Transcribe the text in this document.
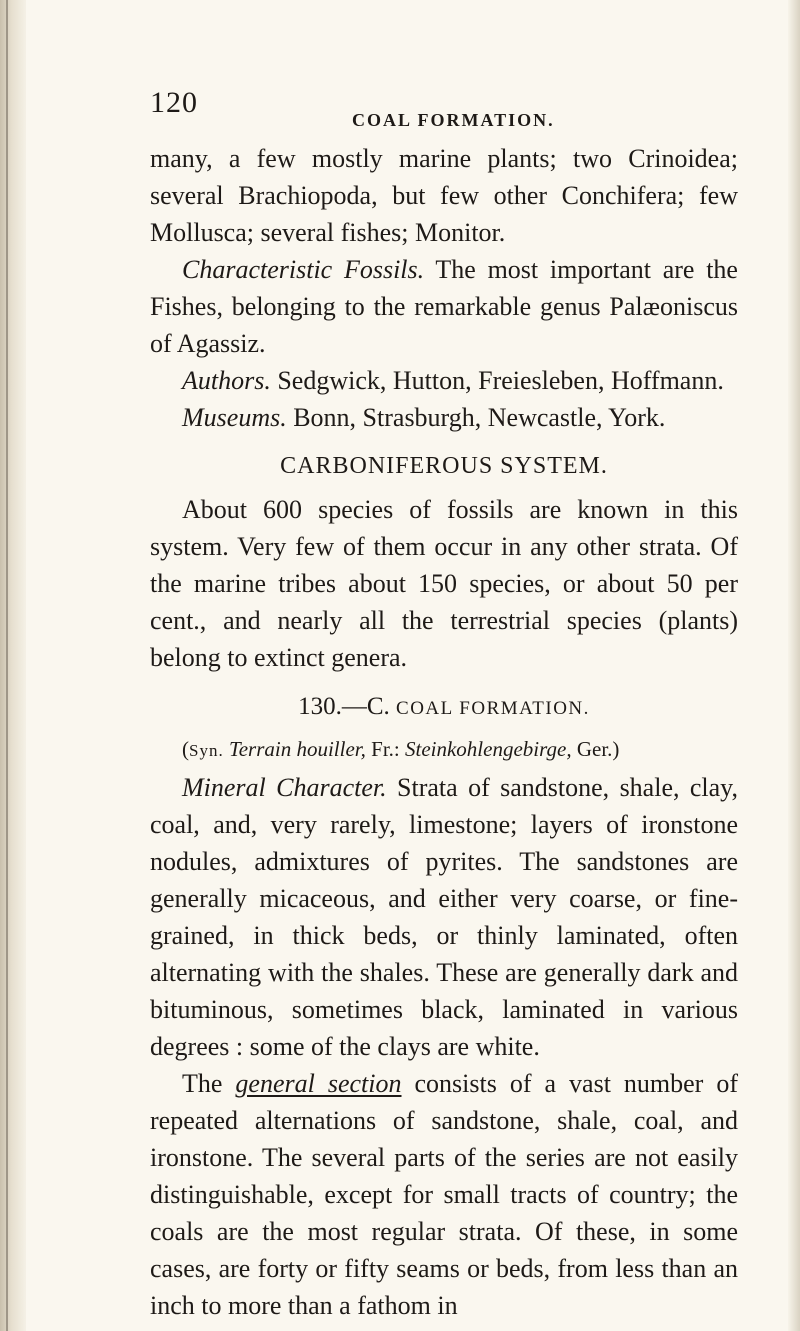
120
COAL FORMATION.

many, a few mostly marine plants; two Crinoidea; several Brachiopoda, but few other Conchifera; few Mollusca; several fishes; Monitor.

Characteristic Fossils. The most important are the Fishes, belonging to the remarkable genus Palæoniscus of Agassiz.

Authors. Sedgwick, Hutton, Freiesleben, Hoffmann.

Museums. Bonn, Strasburgh, Newcastle, York.

CARBONIFEROUS SYSTEM.

About 600 species of fossils are known in this system. Very few of them occur in any other strata. Of the marine tribes about 150 species, or about 50 per cent., and nearly all the terrestrial species (plants) belong to extinct genera.

130.—C. COAL FORMATION.

(Syn. Terrain houiller, Fr.: Steinkohlengebirge, Ger.)

Mineral Character. Strata of sandstone, shale, clay, coal, and, very rarely, limestone; layers of ironstone nodules, admixtures of pyrites. The sandstones are generally micaceous, and either very coarse, or fine-grained, in thick beds, or thinly laminated, often alternating with the shales. These are generally dark and bituminous, sometimes black, laminated in various degrees : some of the clays are white.

The general section consists of a vast number of repeated alternations of sandstone, shale, coal, and ironstone. The several parts of the series are not easily distinguishable, except for small tracts of country; the coals are the most regular strata. Of these, in some cases, are forty or fifty seams or beds, from less than an inch to more than a fathom in
